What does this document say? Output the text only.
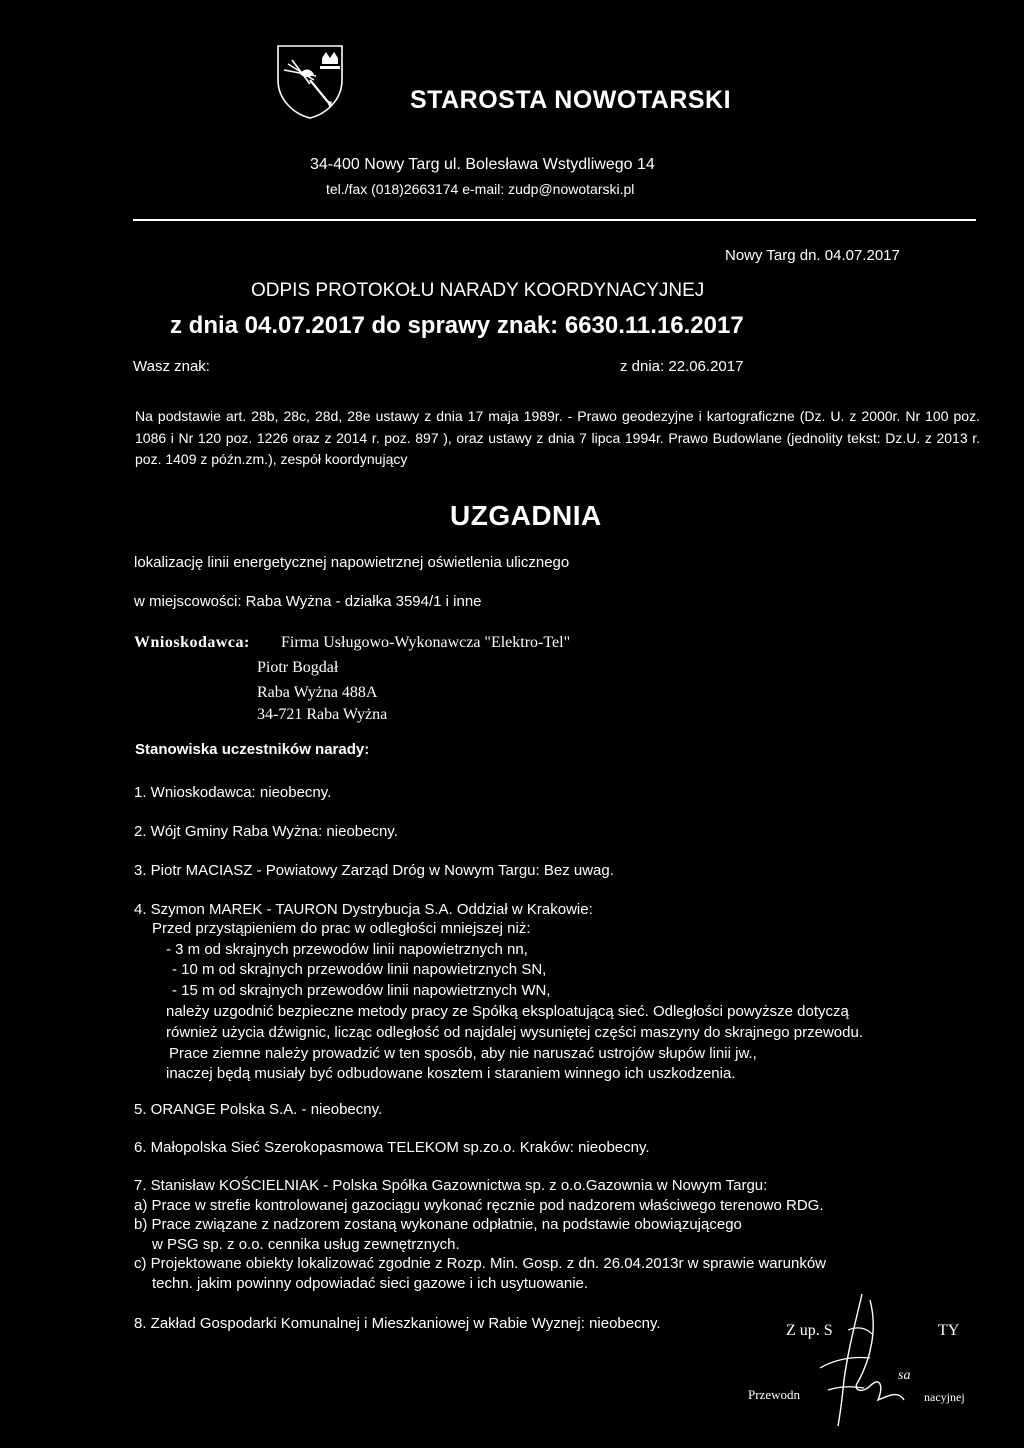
STAROSTA NOWOTARSKI
34-400 Nowy Targ ul. Bolesława Wstydliwego 14
tel./fax (018)2663174 e-mail: zudp@nowotarski.pl
Nowy Targ dn. 04.07.2017
ODPIS PROTOKOŁU NARADY KOORDYNACYJNEJ
z dnia 04.07.2017 do sprawy znak: 6630.11.16.2017
Wasz znak:	z dnia: 22.06.2017
Na podstawie art. 28b, 28c, 28d, 28e ustawy z dnia 17 maja 1989r. - Prawo geodezyjne i kartograficzne (Dz. U. z 2000r. Nr 100 poz. 1086 i Nr 120 poz. 1226 oraz z 2014 r. poz. 897 ), oraz ustawy z dnia 7 lipca 1994r. Prawo Budowlane (jednolity tekst: Dz.U. z 2013 r. poz. 1409 z późn.zm.), zespół koordynujący
UZGADNIA
lokalizację linii energetycznej napowietrznej oświetlenia ulicznego
w miejscowości: Raba Wyżna - działka 3594/1 i inne
Wnioskodawca: Firma Usługowo-Wykonawcza "Elektro-Tel"
Piotr Bogdał
Raba Wyżna 488A
34-721 Raba Wyżna
Stanowiska uczestników narady:
1. Wnioskodawca: nieobecny.
2. Wójt Gminy Raba Wyżna: nieobecny.
3. Piotr MACIASZ - Powiatowy Zarząd Dróg w Nowym Targu: Bez uwag.
4. Szymon MAREK - TAURON Dystrybucja S.A. Oddział w Krakowie:
Przed przystąpieniem do prac w odległości mniejszej niż:
- 3 m od skrajnych przewodów linii napowietrznych nn,
- 10 m od skrajnych przewodów linii napowietrznych SN,
- 15 m od skrajnych przewodów linii napowietrznych WN,
należy uzgodnić bezpieczne metody pracy ze Spółką eksploatującą sieć. Odległości powyższe dotyczą
również użycia dźwignic, licząc odległość od najdalej wysuniętej części maszyny do skrajnego przewodu.
Prace ziemne należy prowadzić w ten sposób, aby nie naruszać ustrojów słupów linii jw.,
inaczej będą musiały być odbudowane kosztem i staraniem winnego ich uszkodzenia.
5. ORANGE Polska S.A. - nieobecny.
6. Małopolska Sieć Szerokopasmowa TELEKOM sp.zo.o. Kraków: nieobecny.
7. Stanisław KOŚCIELNIAK - Polska Spółka Gazownictwa sp. z o.o.Gazownia w Nowym Targu:
a) Prace w strefie kontrolowanej gazociągu wykonać ręcznie pod nadzorem właściwego terenowo RDG.
b) Prace związane z nadzorem zostaną wykonane odpłatnie, na podstawie obowiązującego
w PSG sp. z o.o. cennika usług zewnętrznych.
c) Projektowane obiekty lokalizować zgodnie z Rozp. Min. Gosp. z dn. 26.04.2013r w sprawie warunków
techn. jakim powinny odpowiadać sieci gazowe i ich usytuowanie.
8. Zakład Gospodarki Komunalnej i Mieszkaniowej w Rabie Wyznej: nieobecny.	Z up. S	TY
sa
Przewodn	nacyjnej
